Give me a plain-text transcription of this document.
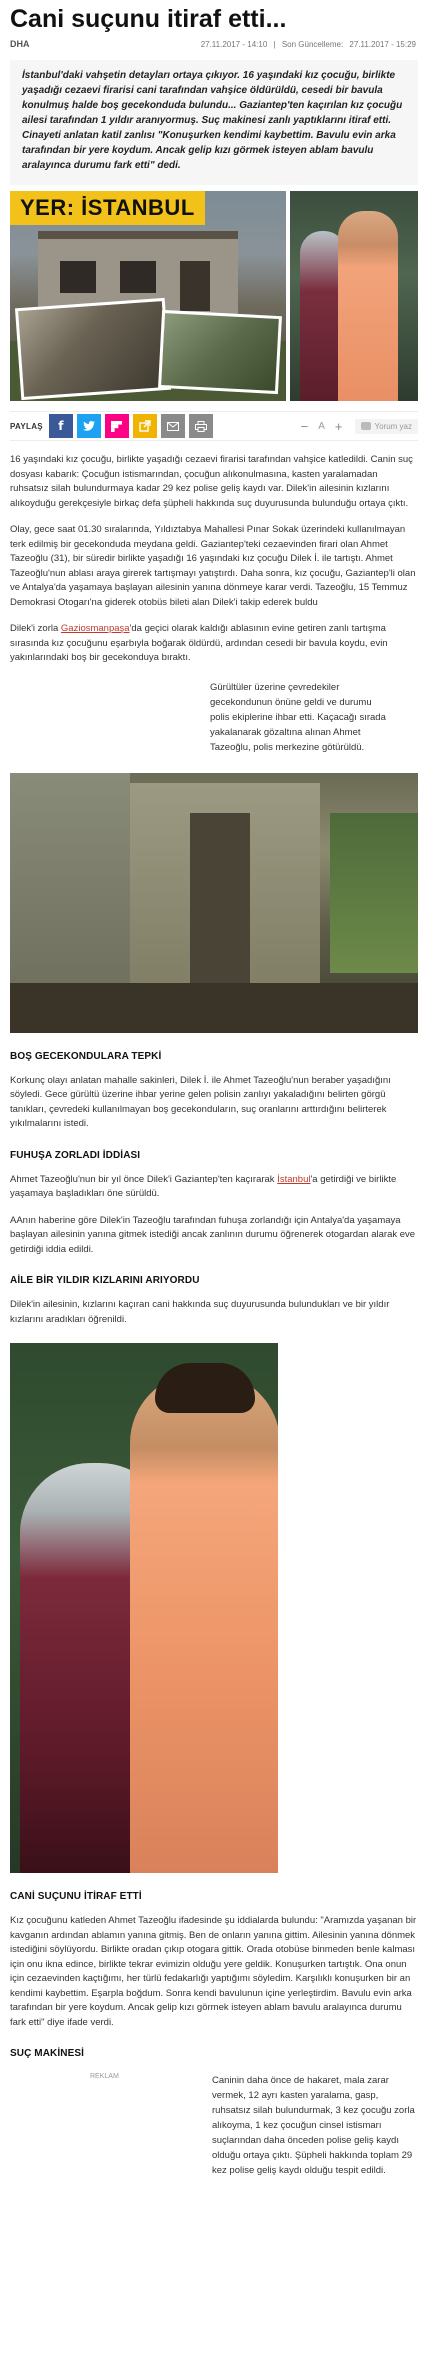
Cani suçunu itiraf etti...
DHA	27.11.2017 - 14:10 | Son Güncelleme: 27.11.2017 - 15:29

İstanbul'daki vahşetin detayları ortaya çıkıyor. 16 yaşındaki kız çocuğu, birlikte yaşadığı cezaevi firarisi cani tarafından vahşice öldürüldü, cesedi bir bavula konulmuş halde boş gecekonduda bulundu... Gaziantep'ten kaçırılan kız çocuğu ailesi tarafından 1 yıldır aranıyormuş. Suç makinesi zanlı yaptıklarını itiraf etti. Cinayeti anlatan katil zanlısı "Konuşurken kendimi kaybettim. Bavulu evin arka tarafından bir yere koydum. Ancak gelip kızı görmek isteyen ablam bavulu aralayınca durumu fark etti" dedi.

YER: İSTANBUL
PAYLAŞ f	− A +	Yorum yaz

16 yaşındaki kız çocuğu, birlikte yaşadığı cezaevi firarisi tarafından vahşice katledildi. Canin suç dosyası kabarık: Çocuğun istismarından, çocuğun alıkonulmasına, kasten yaralamadan ruhsatsız silah bulundurmaya kadar 29 kez polise geliş kaydı var. Dilek'in ailesinin kızlarını alıkoyduğu gerekçesiyle birkaç defa şüpheli hakkında suç duyurusunda bulunduğu ortaya çıktı.

Olay, gece saat 01.30 sıralarında, Yıldıztabya Mahallesi Pınar Sokak üzerindeki kullanılmayan terk edilmiş bir gecekonduda meydana geldi. Gaziantep'teki cezaevinden firari olan Ahmet Tazeoğlu (31), bir süredir birlikte yaşadığı 16 yaşındaki kız çocuğu Dilek İ. ile tartıştı. Ahmet Tazeoğlu'nun ablası araya girerek tartışmayı yatıştırdı. Daha sonra, kız çocuğu, Gaziantep'li olan ve Antalya'da yaşamaya başlayan ailesinin yanına dönmeye karar verdi. Tazeoğlu, 15 Temmuz Demokrasi Otogarı'na giderek otobüs bileti alan Dilek'i takip ederek buldu

Dilek'i zorla Gaziosmanpaşa'da geçici olarak kaldığı ablasının evine getiren zanlı tartışma sırasında kız çocuğunu eşarbıyla boğarak öldürdü, ardından cesedi bir bavula koydu, evin yakınlarındaki boş bir gecekonduya bıraktı.

Gürültüler üzerine çevredekiler gecekondunun önüne geldi ve durumu polis ekiplerine ihbar etti. Kaçacağı sırada yakalanarak gözaltına alınan Ahmet Tazeoğlu, polis merkezine götürüldü.

BOŞ GECEKONDULARA TEPKİ

Korkunç olayı anlatan mahalle sakinleri, Dilek İ. ile Ahmet Tazeoğlu'nun beraber yaşadığını söyledi. Gece gürültü üzerine ihbar yerine gelen polisin zanlıyı yakaladığını belirten görgü tanıkları, çevredeki kullanılmayan boş gecekonduların, suç oranlarını arttırdığını belirterek yıkılmalarını istedi.

FUHUŞA ZORLADI İDDİASI

Ahmet Tazeoğlu'nun bir yıl önce Dilek'i Gaziantep'ten kaçırarak İstanbul'a getirdiği ve birlikte yaşamaya başladıkları öne sürüldü.

AAnın haberine göre Dilek'in Tazeoğlu tarafından fuhuşa zorlandığı için Antalya'da yaşamaya başlayan ailesinin yanına gitmek istediği ancak zanlının durumu öğrenerek otogardan alarak eve getirdiği iddia edildi.

AİLE BİR YILDIR KIZLARINI ARIYORDU

Dilek'in ailesinin, kızlarını kaçıran cani hakkında suç duyurusunda bulundukları ve bir yıldır kızlarını aradıkları öğrenildi.

CANİ SUÇUNU İTİRAF ETTİ

Kız çocuğunu katleden Ahmet Tazeoğlu ifadesinde şu iddialarda bulundu: "Aramızda yaşanan bir kavganın ardından ablamın yanına gitmiş. Ben de onların yanına gittim. Ailesinin yanına dönmek istediğini söylüyordu. Birlikte oradan çıkıp otogara gittik. Orada otobüse binmeden benle kalması için onu ikna edince, birlikte tekrar evimizin olduğu yere geldik. Konuşurken tartıştık. Ona onun için cezaevinden kaçtığımı, her türlü fedakarlığı yaptığımı söyledim. Karşılıklı konuşurken bir an kendimi kaybettim. Eşarpla boğdum. Sonra kendi bavulunun içine yerleştirdim. Bavulu evin arka tarafından bir yere koydum. Ancak gelip kızı görmek isteyen ablam bavulu aralayınca durumu fark etti" diye ifade verdi.

SUÇ MAKİNESİ
REKLAM	Caninin daha önce de hakaret, mala zarar vermek, 12 ayrı kasten yaralama, gasp, ruhsatsız silah bulundurmak, 3 kez çocuğu zorla alıkoyma, 1 kez çocuğun cinsel istismarı suçlarından daha önceden polise geliş kaydı olduğu ortaya çıktı. Şüpheli hakkında toplam 29 kez polise geliş kaydı olduğu tespit edildi.
